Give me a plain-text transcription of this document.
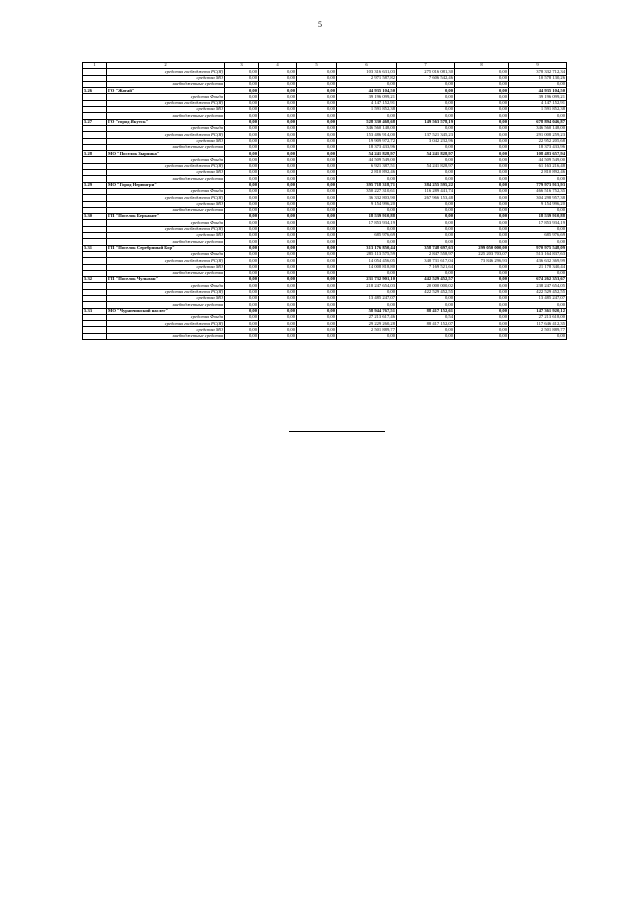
5
1	2	3	4	5	6	7	8	9
	средства госбюджета РС(Я)	0,00	0,00	0,00	103 316 631,03	275 016 081,30	0,00	378 332 712,34
	средства МО	0,00	0,00	0,00	2 971 587,82	7 606 542,46	0,00	10 578 130,26
	внебюджетные средства	0,00	0,00	0,00	0,00	0,00	0,00	0,00
5.26	ГО "Жатай"	0,00	0,00	0,00	44 935 104,50	0,00	0,00	44 935 104,50
	средства Фонда	0,00	0,00	0,00	39 196 099,21	0,00	0,00	39 196 099,21
	средства госбюджета РС(Я)	0,00	0,00	0,00	4 147 152,91	0,00	0,00	4 147 152,91
	средства МО	0,00	0,00	0,00	1 591 852,38	0,00	0,00	1 591 852,38
	внебюджетные средства	0,00	0,00	0,00	0,00	0,00	0,00	0,00
5.27	ГО "город Якутск"	0,00	0,00	0,00	528 330 468,68	149 563 578,19	0,00	678 894 046,87
	средства Фонда	0,00	0,00	0,00	346 560 148,00	0,00	0,00	346 560 148,00
	средства госбюджета РС(Я)	0,00	0,00	0,00	153 486 914,00	137 521 345,23	0,00	291 008 259,23
	средства МО	0,00	0,00	0,00	19 909 972,72	3 042 232,96	0,00	22 952 205,68
	внебюджетные средства	0,00	0,00	0,00	18 373 433,96	0,00	0,00	18 373 433,96
5.28	МО "Поселок Зырянка"	0,00	0,00	0,00	54 241 828,97	54 241 828,97	0,00	108 483 657,94
	средства Фонда	0,00	0,00	0,00	44 509 549,00	0,00	0,00	44 509 549,00
	средства госбюджета РС(Я)	0,00	0,00	0,00	6 921 387,51	54 241 828,97	0,00	61 163 216,48
	средства МО	0,00	0,00	0,00	2 810 892,46	0,00	0,00	2 810 892,46
	внебюджетные средства	0,00	0,00	0,00	0,00	0,00	0,00	0,00
5.29	МО "Город Нерюнгри"	0,00	0,00	0,00	395 718 318,71	384 255 595,22	0,00	779 973 913,93
	средства Фонда	0,00	0,00	0,00	350 227 310,61	116 289 441,74	0,00	466 516 752,35
	средства госбюджета РС(Я)	0,00	0,00	0,00	36 332 803,90	267 966 153,48	0,00	304 298 957,38
	средства МО	0,00	0,00	0,00	9 154 996,20	0,00	0,00	9 154 996,20
	внебюджетные средства	0,00	0,00	0,00	0,00	0,00	0,00	0,00
5.30	ГП "Поселок Беркакит"	0,00	0,00	0,00	18 539 910,88	0,00	0,00	18 539 910,88
	средства Фонда	0,00	0,00	0,00	17 853 934,19	0,00	0,00	17 853 934,19
	средства госбюджета РС(Я)	0,00	0,00	0,00	0,00	0,00	0,00	0,00
	средства МО	0,00	0,00	0,00	685 976,69	0,00	0,00	685 976,69
	внебюджетные средства	0,00	0,00	0,00	0,00	0,00	0,00	0,00
5.31	ГП "Поселок Серебряный Бор"	0,00	0,00	0,00	313 176 850,44	358 748 697,63	299 050 000,00	970 975 548,09
	средства Фонда	0,00	0,00	0,00	285 113 575,59	2 847 558,97	225 203 703,07	513 164 837,63
	средства госбюджета РС(Я)	0,00	0,00	0,00	14 054 456,05	348 731 617,04	73 846 296,93	436 632 369,99
	средства МО	0,00	0,00	0,00	14 008 818,80	7 169 521,64	0,00	21 178 340,44
	внебюджетные средства	0,00	0,00	0,00	0,00	0,00	0,00	0,00
5.32	ГП "Поселок Чульман"	0,00	0,00	0,00	231 732 901,10	442 529 452,57	0,00	674 262 353,67
	средства Фонда	0,00	0,00	0,00	218 247 654,03	20 000 000,02	0,00	238 247 654,05
	средства госбюджета РС(Я)	0,00	0,00	0,00	0,00	422 529 452,55	0,00	422 529 452,55
	средства МО	0,00	0,00	0,00	13 485 247,07	0,00	0,00	13 485 247,07
	внебюджетные средства	0,00	0,00	0,00	0,00	0,00	0,00	0,00
5.33	МО "Чурапчинский наслег"	0,00	0,00	0,00	58 944 767,51	88 417 152,61	0,00	147 361 920,12
	средства Фонда	0,00	0,00	0,00	27 213 617,46	0,54	0,00	27 213 618,00
	средства госбюджета РС(Я)	0,00	0,00	0,00	29 229 260,28	88 417 152,07	0,00	117 646 412,35
	средства МО	0,00	0,00	0,00	2 501 889,77	0,00	0,00	2 501 889,77
	внебюджетные средства	0,00	0,00	0,00	0,00	0,00	0,00	0,00
